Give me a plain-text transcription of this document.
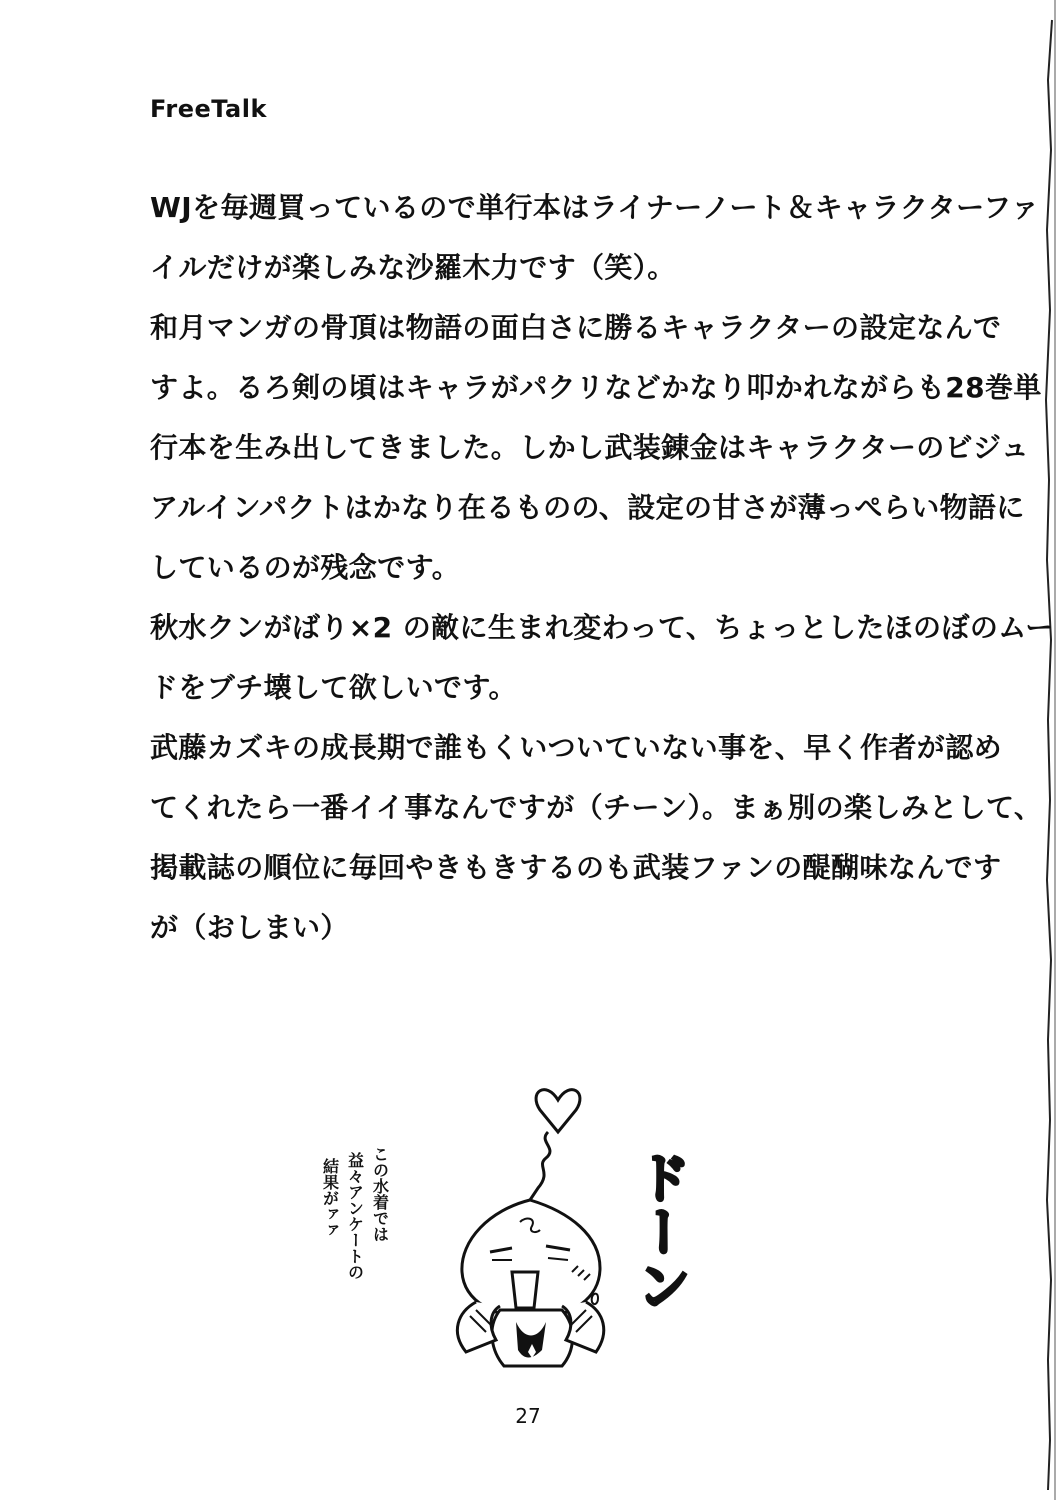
FreeTalk
WJを毎週買っているので単行本はライナーノート＆キャラクターファ
イルだけが楽しみな沙羅木力です（笑）。
和月マンガの骨頂は物語の面白さに勝るキャラクターの設定なんで
すよ。るろ剣の頃はキャラがパクリなどかなり叩かれながらも28巻単
行本を生み出してきました。しかし武装錬金はキャラクターのビジュ
アルインパクトはかなり在るものの、設定の甘さが薄っぺらい物語に
しているのが残念です。
秋水クンがばり×2 の敵に生まれ変わって、ちょっとしたほのぼのムー
ドをブチ壊して欲しいです。
武藤カズキの成長期で誰もくいついていない事を、早く作者が認め
てくれたら一番イイ事なんですが（チーン）。まぁ別の楽しみとして、
掲載誌の順位に毎回やきもきするのも武装ファンの醍醐味なんです
が（おしまい）
ドーン
この水着では
益々アンケートの
結果がァァ

27
